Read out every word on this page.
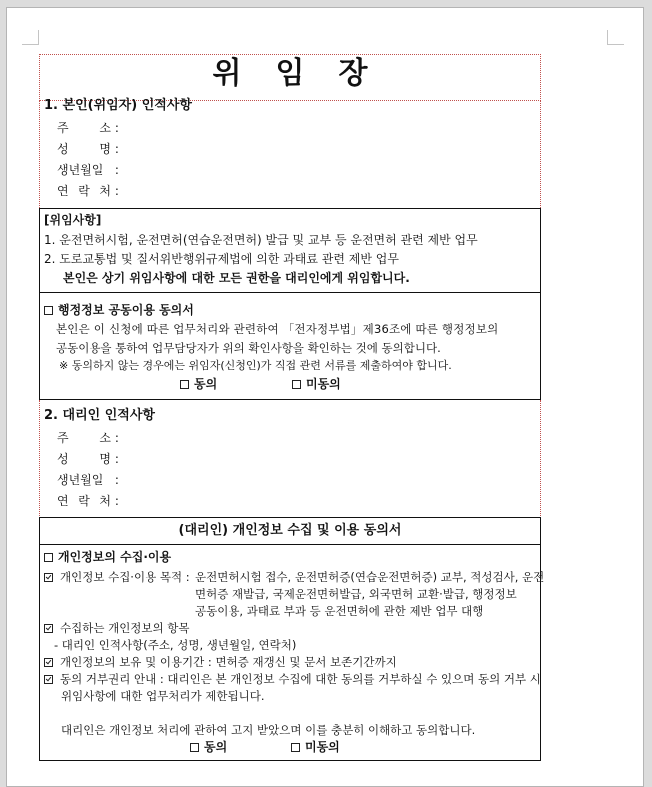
위임장
1. 본인(위임자) 인적사항
주	소 :
성	명 :
생년월일 :
연 락 처 :
[위임사항]
1. 운전면허시험, 운전면허(연습운전면허) 발급 및 교부 등 운전면허 관련 제반 업무
2. 도로교통법 및 질서위반행위규제법에 의한 과태료 관련 제반 업무
본인은 상기 위임사항에 대한 모든 권한을 대리인에게 위임합니다.
행정정보 공동이용 동의서
본인은 이 신청에 따른 업무처리와 관련하여 「전자정부법」제36조에 따른 행정정보의
공동이용을 통하여 업무담당자가 위의 확인사항을 확인하는 것에 동의합니다.
※ 동의하지 않는 경우에는 위임자(신청인)가 직접 관련 서류를 제출하여야 합니다.
동의	미동의
2. 대리인 인적사항
주	소 :
성	명 :
생년월일 :
연 락 처 :
(대리인) 개인정보 수집 및 이용 동의서
개인정보의 수집·이용
개인정보 수집·이용 목적 : 운전면허시험 접수, 운전면허증(연습운전면허증) 교부, 적성검사, 운전
면허증 재발급, 국제운전면허발급, 외국면허 교환·발급, 행정정보
공동이용, 과태료 부과 등 운전면허에 관한 제반 업무 대행
수집하는 개인정보의 항목
- 대리인 인적사항(주소, 성명, 생년월일, 연락처)
개인정보의 보유 및 이용기간 : 면허증 재갱신 및 문서 보존기간까지
동의 거부권리 안내 : 대리인은 본 개인정보 수집에 대한 동의를 거부하실 수 있으며 동의 거부 시
위임사항에 대한 업무처리가 제한됩니다.
대리인은 개인정보 처리에 관하여 고지 받았으며 이를 충분히 이해하고 동의합니다.
동의	미동의
